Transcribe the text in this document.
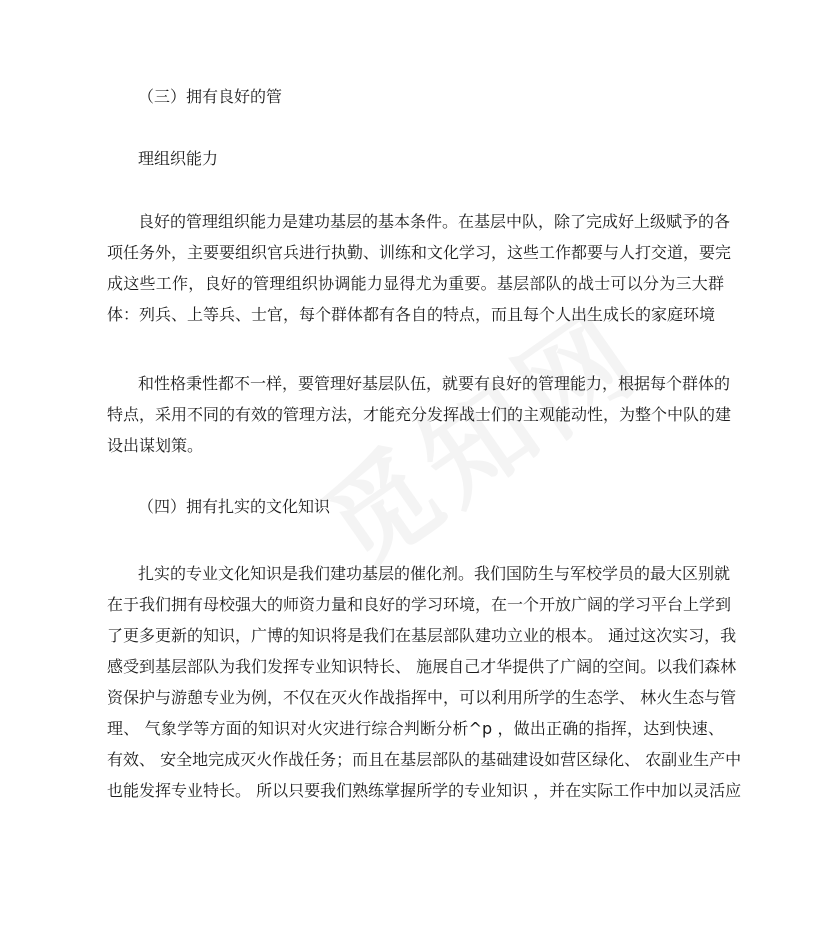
（三）拥有良好的管
理组织能力
良好的管理组织能力是建功基层的基本条件。在基层中队，除了完成好上级赋予的各
项任务外，主要要组织官兵进行执勤、训练和文化学习，这些工作都要与人打交道，要完
成这些工作，良好的管理组织协调能力显得尤为重要。基层部队的战士可以分为三大群
体：列兵、上等兵、士官，每个群体都有各自的特点，而且每个人出生成长的家庭环境
和性格秉性都不一样，要管理好基层队伍，就要有良好的管理能力，根据每个群体的
特点，采用不同的有效的管理方法，才能充分发挥战士们的主观能动性，为整个中队的建
设出谋划策。
（四）拥有扎实的文化知识
扎实的专业文化知识是我们建功基层的催化剂。我们国防生与军校学员的最大区别就
在于我们拥有母校强大的师资力量和良好的学习环境，在一个开放广阔的学习平台上学到
了更多更新的知识，广博的知识将是我们在基层部队建功立业的根本。 通过这次实习，我
感受到基层部队为我们发挥专业知识特长、 施展自己才华提供了广阔的空间。以我们森林
资保护与游憩专业为例，不仅在灭火作战指挥中，可以利用所学的生态学、 林火生态与管
理、 气象学等方面的知识对火灾进行综合判断分析^p ，做出正确的指挥，达到快速、
有效、 安全地完成灭火作战任务；而且在基层部队的基础建设如营区绿化、 农副业生产中
也能发挥专业特长。 所以只要我们熟练掌握所学的专业知识 ，并在实际工作中加以灵活应
